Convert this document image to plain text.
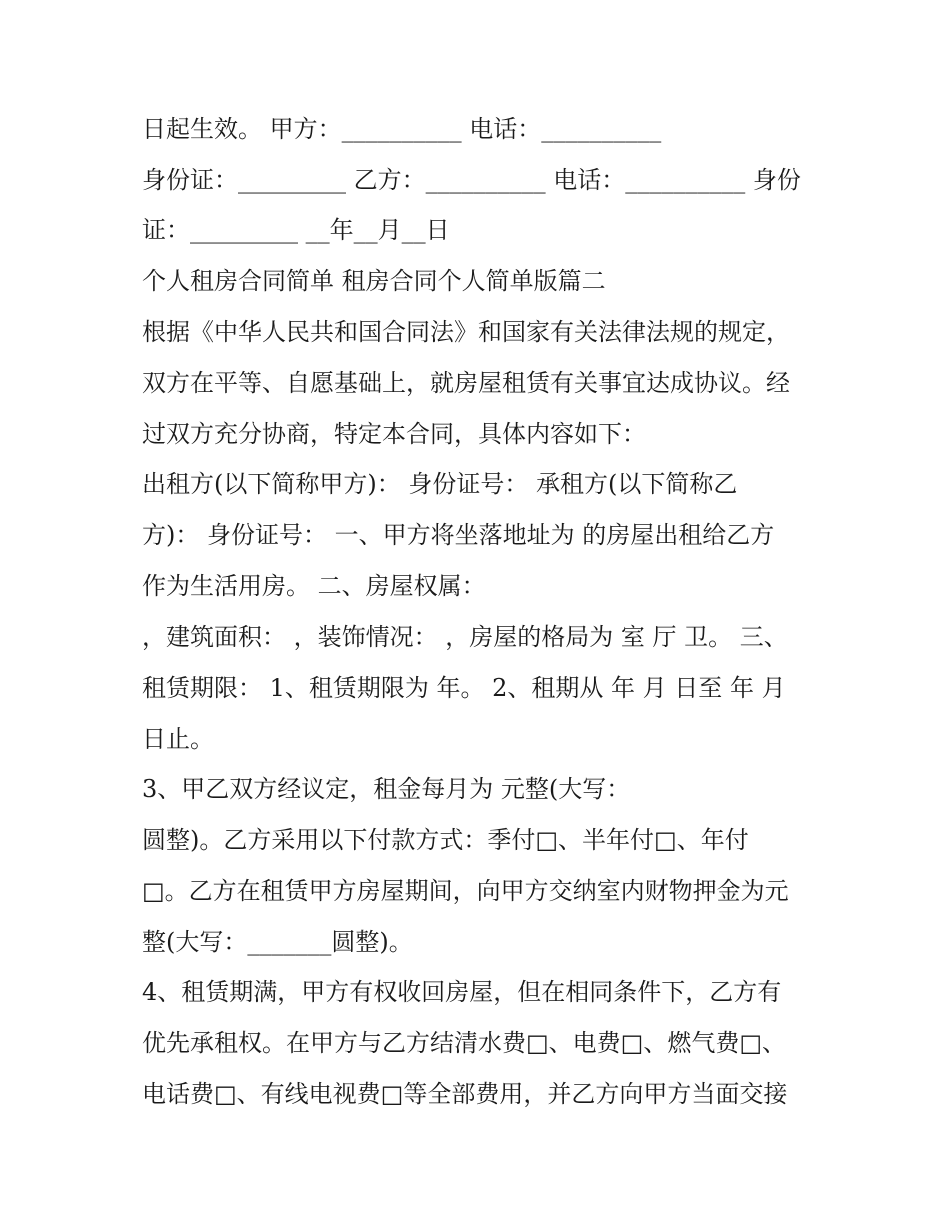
日起生效。 甲方：__________ 电话：__________
身份证：_________ 乙方：__________ 电话：__________ 身份
证：_________ __年__月__日
个人租房合同简单 租房合同个人简单版篇二
根据《中华人民共和国合同法》和国家有关法律法规的规定，
双方在平等、自愿基础上，就房屋租赁有关事宜达成协议。经
过双方充分协商，特定本合同，具体内容如下：
出租方(以下简称甲方)： 身份证号： 承租方(以下简称乙
方)： 身份证号： 一、甲方将坐落地址为 的房屋出租给乙方
作为生活用房。 二、房屋权属：
，建筑面积： ，装饰情况： ，房屋的格局为 室 厅 卫。 三、
租赁期限： 1、租赁期限为 年。 2、租期从 年 月 日至 年 月
日止。
3、甲乙双方经议定，租金每月为 元整(大写：
圆整)。乙方采用以下付款方式：季付□、半年付□、年付
□。乙方在租赁甲方房屋期间，向甲方交纳室内财物押金为元
整(大写：_______圆整)。
4、租赁期满，甲方有权收回房屋，但在相同条件下，乙方有
优先承租权。在甲方与乙方结清水费□、电费□、燃气费□、
电话费□、有线电视费□等全部费用，并乙方向甲方当面交接
